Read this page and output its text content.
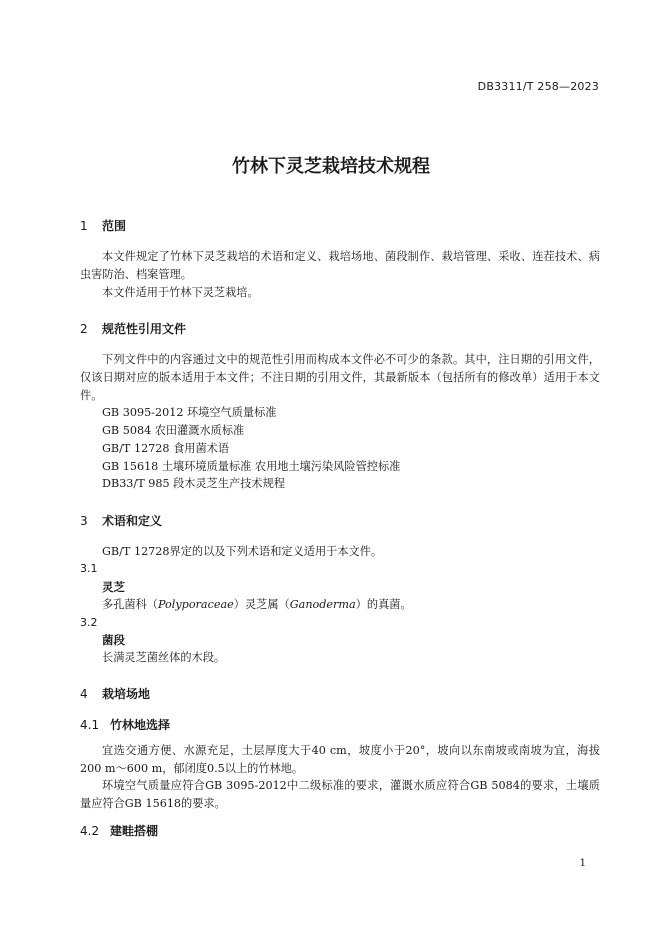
DB3311/T 258—2023
竹林下灵芝栽培技术规程
1 范围

本文件规定了竹林下灵芝栽培的术语和定义、栽培场地、菌段制作、栽培管理、采收、连茬技术、病虫害防治、档案管理。

本文件适用于竹林下灵芝栽培。

2 规范性引用文件

下列文件中的内容通过文中的规范性引用而构成本文件必不可少的条款。其中，注日期的引用文件，仅该日期对应的版本适用于本文件；不注日期的引用文件，其最新版本（包括所有的修改单）适用于本文件。

GB 3095-2012 环境空气质量标准
GB 5084 农田灌溉水质标准
GB/T 12728 食用菌术语
GB 15618 土壤环境质量标准 农用地土壤污染风险管控标准
DB33/T 985 段木灵芝生产技术规程
3 术语和定义

GB/T 12728界定的以及下列术语和定义适用于本文件。

3.1
灵芝
多孔菌科（Polyporaceae）灵芝属（Ganoderma）的真菌。
3.2
菌段
长满灵芝菌丝体的木段。
4 栽培场地
4.1 竹林地选择

宜选交通方便、水源充足，土层厚度大于40 cm，坡度小于20°，坡向以东南坡或南坡为宜，海拔200 m～600 m，郁闭度0.5以上的竹林地。

环境空气质量应符合GB 3095-2012中二级标准的要求，灌溉水质应符合GB 5084的要求，土壤质量应符合GB 15618的要求。

4.2 建畦搭棚
1
